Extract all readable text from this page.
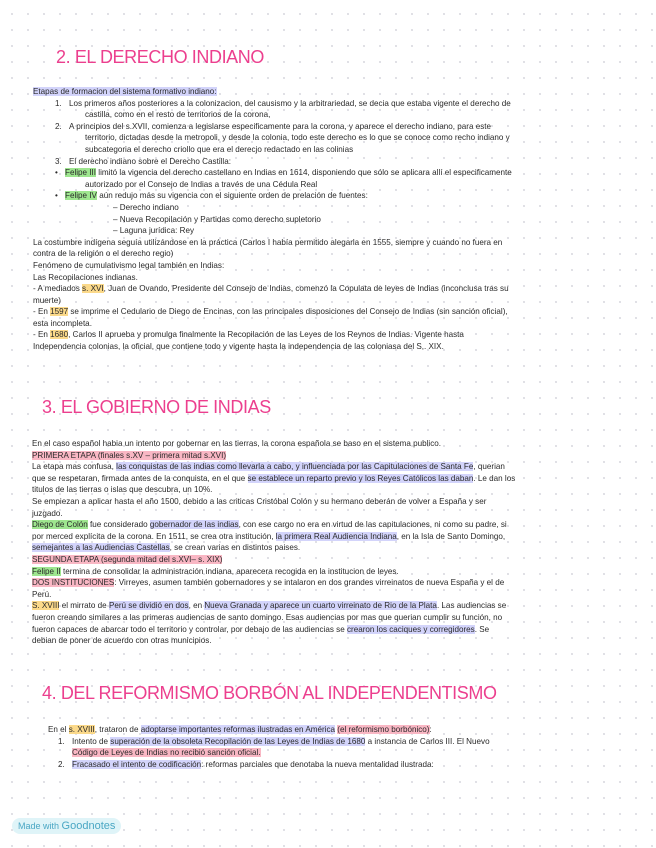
2. EL DERECHO INDIANO
Etapas de formacion del sistema formativo indiano:
1. Los primeros años posteriores a la colonizacion, del causismo y la arbitrariedad, se decia que estaba vigente el derecho de
castilla, como en el resto de territorios de la corona,
2. A principios del s.XVII, comienza a legislarse especificamente para la corona, y aparece el derecho indiano, para este
territorio, dictadas desde la metropoli, y desde la colonia, todo este derecho es lo que se conoce como recho indiano y
subcategoria el derecho criollo que era el derecjo redactado en las colinias
3. El derecho indiano sobre el Derecho Castilla:
• Felipe III limitó la vigencia del derecho castellano en Indias en 1614, disponiendo que sólo se aplicara allí el especificamente
autorizado por el Consejo de Indias a través de una Cédula Real
• Felipe IV aún redujo más su vigencia con el siguiente orden de prelación de fuentes:
– Derecho indiano
– Nueva Recopilación y Partidas como derecho supletorio
– Laguna jurídica: Rey
La costumbre indígena seguía utilizándose en la práctica (Carlos I había permitido alegarla en 1555, siempre y cuando no fuera en
contra de la religión o el derecho regio)
Fenómeno de cumulativismo legal también en Indias:
Las Recopilaciones indianas.
- A mediados s. XVI, Juan de Ovando, Presidente del Consejo de Indias, comenzó la Copulata de leyes de Indias (inconclusa tras su
muerte)
- En 1597 se imprime el Cedulario de Diego de Encinas, con las principales disposiciones del Consejo de Indias (sin sanción oficial),
esta incompleta.
- En 1680, Carlos II aprueba y promulga finalmente la Recopilación de las Leyes de los Reynos de Indias. Vigente hasta
Independencia colonias, la oficial, que contiene todo y vigente hasta la independencia de las coloniasa del S,. XIX.
3. EL GOBIERNO DE INDIAS
En el caso español habia un intento por gobernar en las tierras, la corona española se baso en el sistema publico.
PRIMERA ETAPA (finales s.XV – primera mitad s.XVI)
La etapa mas confusa, las conquistas de las indias como llevarla a cabo, y influenciada por las Capitulaciones de Santa Fe, querian
que se respetaran, firmada antes de la conquista, en el que se establece un reparto previo y los Reyes Católicos las daban. Le dan los
titulos de las tierras o islas que descubra, un 10%.
Se empiezan a aplicar hasta el año 1500, debido a las criticas Cristóbal Colón y su hermano deberán de volver a España y ser
juzgado.
Diego de Colón fue considerado gobernador de las indias, con ese cargo no era en virtud de las capitulaciones, ni como su padre, si
por merced explícita de la corona. En 1511, se crea otra institución, la primera Real Audiencia Indiana, en la Isla de Santo Domingo,
semejantes a las Audiencias Castellas, se crean varias en distintos paises.
SEGUNDA ETAPA (segunda mitad del s.XVI– s. XIX)
Felipe II termina de consolidar la administración indiana, aparecera recogida en la institucion de leyes.
DOS INSTITUCIONES: Virreyes, asumen también gobernadores y se intalaron en dos grandes virreinatos de nueva España y el de
Perú.
S. XVIII el mirrato de Perú se dividió en dos, en Nueva Granada y aparece un cuarto virreinato de Rio de la Plata. Las audiencias se
fueron creando similares a las primeras audiencias de santo domingo. Esas audiencias por mas que querian cumplir su función, no
fueron capaces de abarcar todo el territorio y controlar, por debajo de las audiencias se crearon los caciques y corregidores. Se
debian de poner de acuerdo con otras municipios.
4. DEL REFORMISMO BORBÓN AL INDEPENDENTISMO
En el s. XVIII, trataron de adoptarse importantes reformas ilustradas en América (el reformismo borbónico):
1. Intento de superación de la obsoleta Recopilación de las Leyes de Indias de 1680 a instancia de Carlos III. El Nuevo
Código de Leyes de Indias no recibió sanción oficial.
2. Fracasado el intento de codificación: reformas parciales que denotaba la nueva mentalidad ilustrada:
Made with Goodnotes
